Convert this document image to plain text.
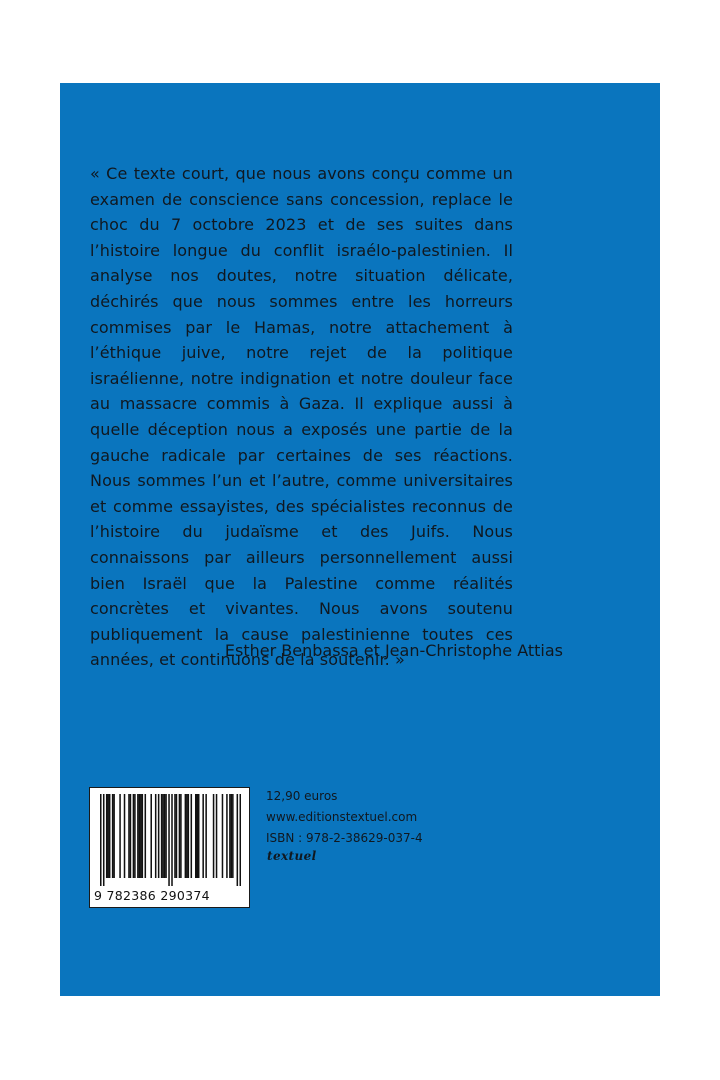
« Ce texte court, que nous avons conçu comme un examen de conscience sans concession, replace le choc du 7 octobre 2023 et de ses suites dans l’histoire longue du conflit israélo-palestinien. Il analyse nos doutes, notre situation délicate, déchirés que nous sommes entre les horreurs commises par le Hamas, notre attachement à l’éthique juive, notre rejet de la politique israélienne, notre indignation et notre douleur face au massacre commis à Gaza. Il explique aussi à quelle déception nous a exposés une partie de la gauche radicale par certaines de ses réactions. Nous sommes l’un et l’autre, comme universitaires et comme essayistes, des spécialistes reconnus de l’histoire du judaïsme et des Juifs. Nous connaissons par ailleurs personnellement aussi bien Israël que la Palestine comme réalités concrètes et vivantes. Nous avons soutenu publiquement la cause palestinienne toutes ces années, et continuons de la soutenir. »

Esther Benbassa et Jean-Christophe Attias

9 782386 290374
12,90 euros
www.editionstextuel.com
ISBN : 978-2-38629-037-4
textuel
